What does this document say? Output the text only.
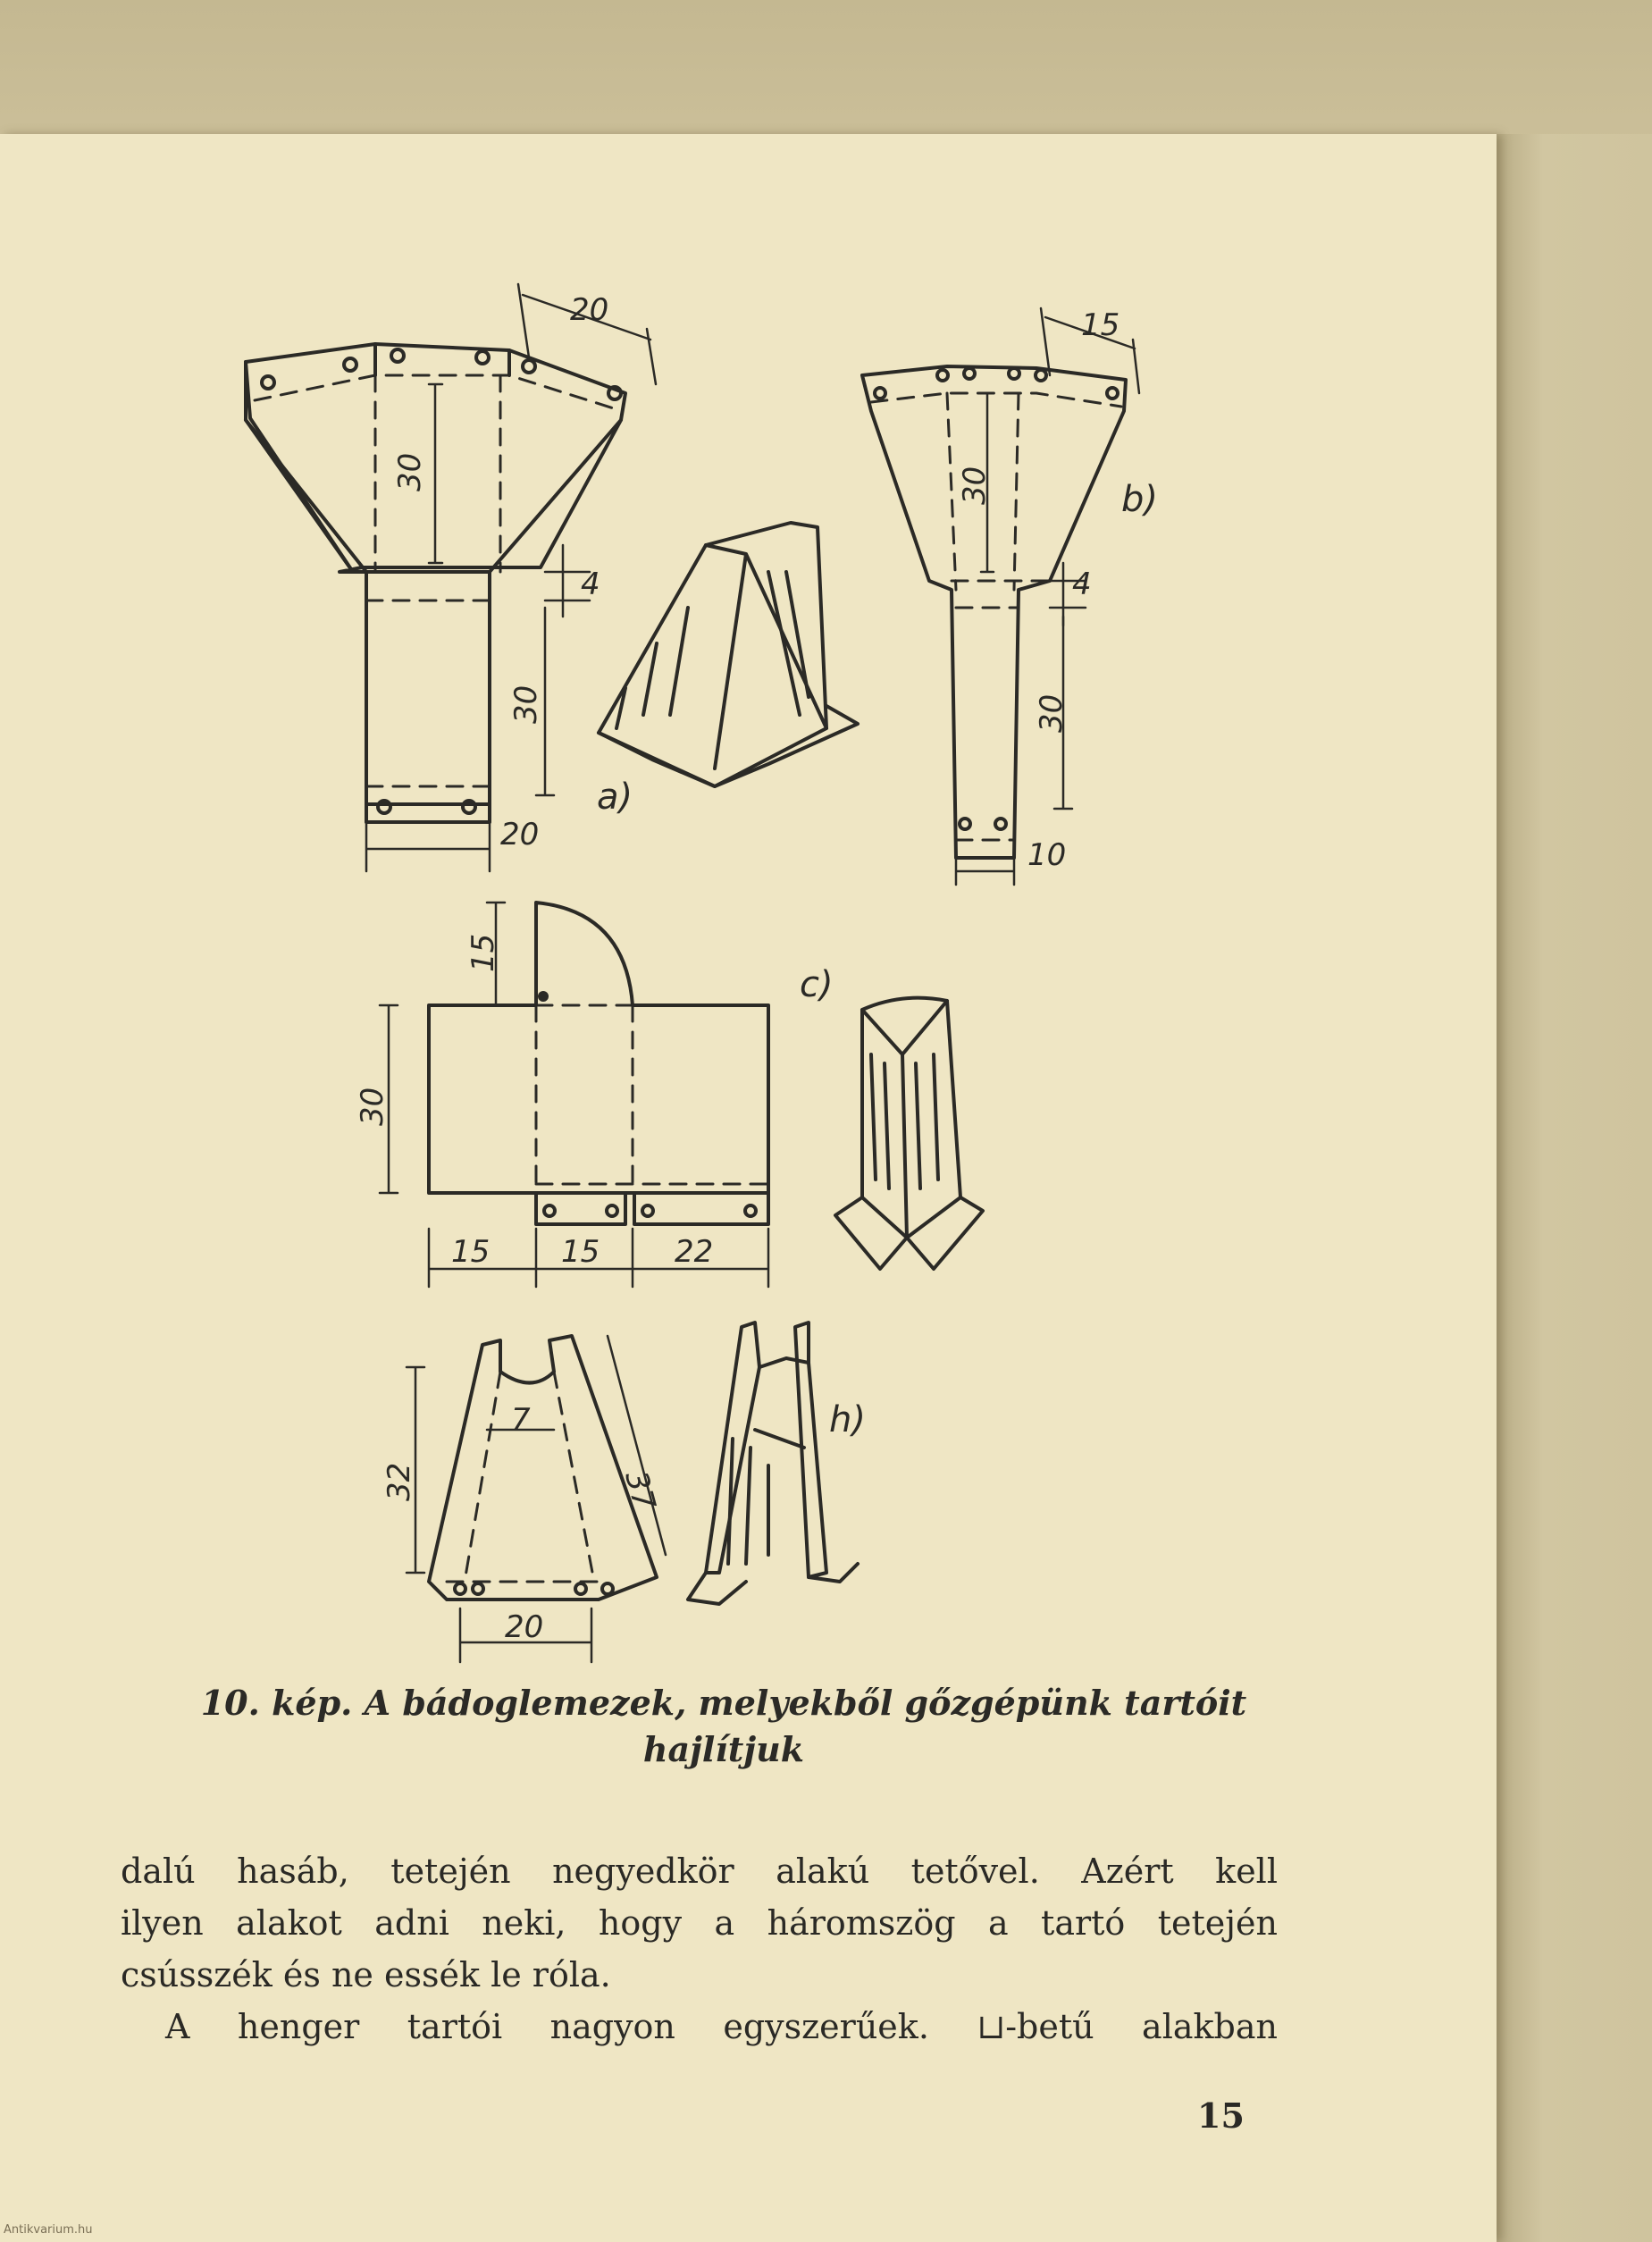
20
30
4
30
20
a)
15
30
4
30
10
b)
15
30
15 15 22
c)
7
32	37
20
h)
10. kép. A bádoglemezek, melyekből gőzgépünk tartóit
hajlítjuk
dalú hasáb, tetején negyedkör alakú tetővel. Azért kell
ilyen alakot adni neki, hogy a háromszög a tartó tetején
csússzék és ne essék le róla.
A henger tartói nagyon egyszerűek. ⊔-betű alakban
15
Antikvarium.hu
